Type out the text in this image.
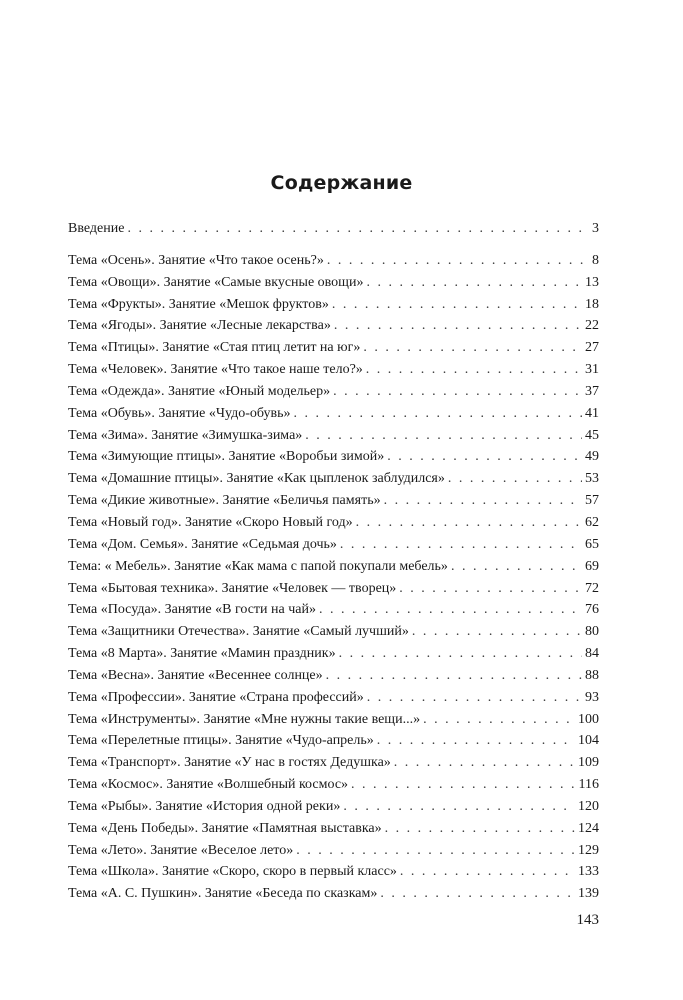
Содержание
Введение . . .	3
Тема «Осень». Занятие «Что такое осень?» . . .	8
Тема «Овощи». Занятие «Самые вкусные овощи» . . .	13
Тема «Фрукты». Занятие «Мешок фруктов» . . .	18
Тема «Ягоды». Занятие «Лесные лекарства» . . .	22
Тема «Птицы». Занятие «Стая птиц летит на юг» . . .	27
Тема «Человек». Занятие «Что такое наше тело?» . . .	31
Тема «Одежда». Занятие «Юный модельер» . . .	37
Тема «Обувь». Занятие «Чудо-обувь» . . .	41
Тема «Зима». Занятие «Зимушка-зима» . . .	45
Тема «Зимующие птицы». Занятие «Воробьи зимой» . . .	49
Тема «Домашние птицы». Занятие «Как цыпленок заблудился» . . .	53
Тема «Дикие животные». Занятие «Беличья память» . . .	57
Тема «Новый год». Занятие «Скоро Новый год» . . .	62
Тема «Дом. Семья». Занятие «Седьмая дочь» . . .	65
Тема: « Мебель». Занятие «Как мама с папой покупали мебель» . . .	69
Тема «Бытовая техника». Занятие «Человек — творец» . . .	72
Тема «Посуда». Занятие «В гости на чай» . . .	76
Тема «Защитники Отечества». Занятие «Самый лучший» . . .	80
Тема «8 Марта». Занятие «Мамин праздник» . . .	84
Тема «Весна». Занятие «Весеннее солнце» . . .	88
Тема «Профессии». Занятие «Страна профессий» . . .	93
Тема «Инструменты». Занятие «Мне нужны такие вещи...» . . .	100
Тема «Перелетные птицы». Занятие «Чудо-апрель» . . .	104
Тема «Транспорт». Занятие «У нас в гостях Дедушка» . . .	109
Тема «Космос». Занятие «Волшебный космос» . . .	116
Тема «Рыбы». Занятие «История одной реки» . . .	120
Тема «День Победы». Занятие «Памятная выставка» . . .	124
Тема «Лето». Занятие «Веселое лето» . . .	129
Тема «Школа». Занятие «Скоро, скоро в первый класс» . . .	133
Тема «А. С. Пушкин». Занятие «Беседа по сказкам» . . .	139
143
